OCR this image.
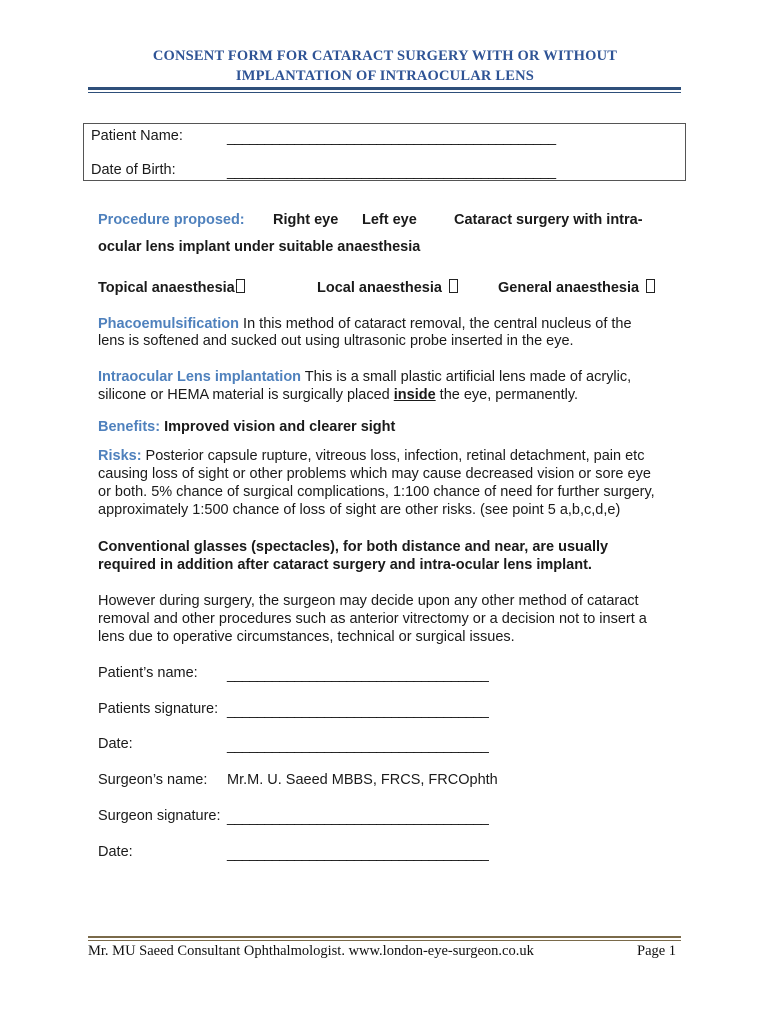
CONSENT FORM FOR CATARACT SURGERY WITH OR WITHOUT
IMPLANTATION OF INTRAOCULAR LENS
Patient Name:	____________________________________________
Date of Birth:	____________________________________________
Procedure proposed: Right eye Left eye	Cataract surgery with intra-
ocular lens implant under suitable anaesthesia
Topical anaesthesia	Local anaesthesia	General anaesthesia
Phacoemulsification In this method of cataract removal, the central nucleus of the
lens is softened and sucked out using ultrasonic probe inserted in the eye.
Intraocular Lens implantation This is a small plastic artificial lens made of acrylic,
silicone or HEMA material is surgically placed inside the eye, permanently.
Benefits: Improved vision and clearer sight
Risks: Posterior capsule rupture, vitreous loss, infection, retinal detachment, pain etc
causing loss of sight or other problems which may cause decreased vision or sore eye
or both. 5% chance of surgical complications, 1:100 chance of need for further surgery,
approximately 1:500 chance of loss of sight are other risks. (see point 5 a,b,c,d,e)
Conventional glasses (spectacles), for both distance and near, are usually
required in addition after cataract surgery and intra-ocular lens implant.
However during surgery, the surgeon may decide upon any other method of cataract
removal and other procedures such as anterior vitrectomy or a decision not to insert a
lens due to operative circumstances, technical or surgical issues.
Patient’s name: ___________________________________
Patients signature: ___________________________________
Date:	___________________________________
Surgeon’s name: Mr.M. U. Saeed MBBS, FRCS, FRCOphth
Surgeon signature: ___________________________________
Date:	___________________________________
Mr. MU Saeed Consultant Ophthalmologist. www.london-eye-surgeon.co.uk	Page 1
